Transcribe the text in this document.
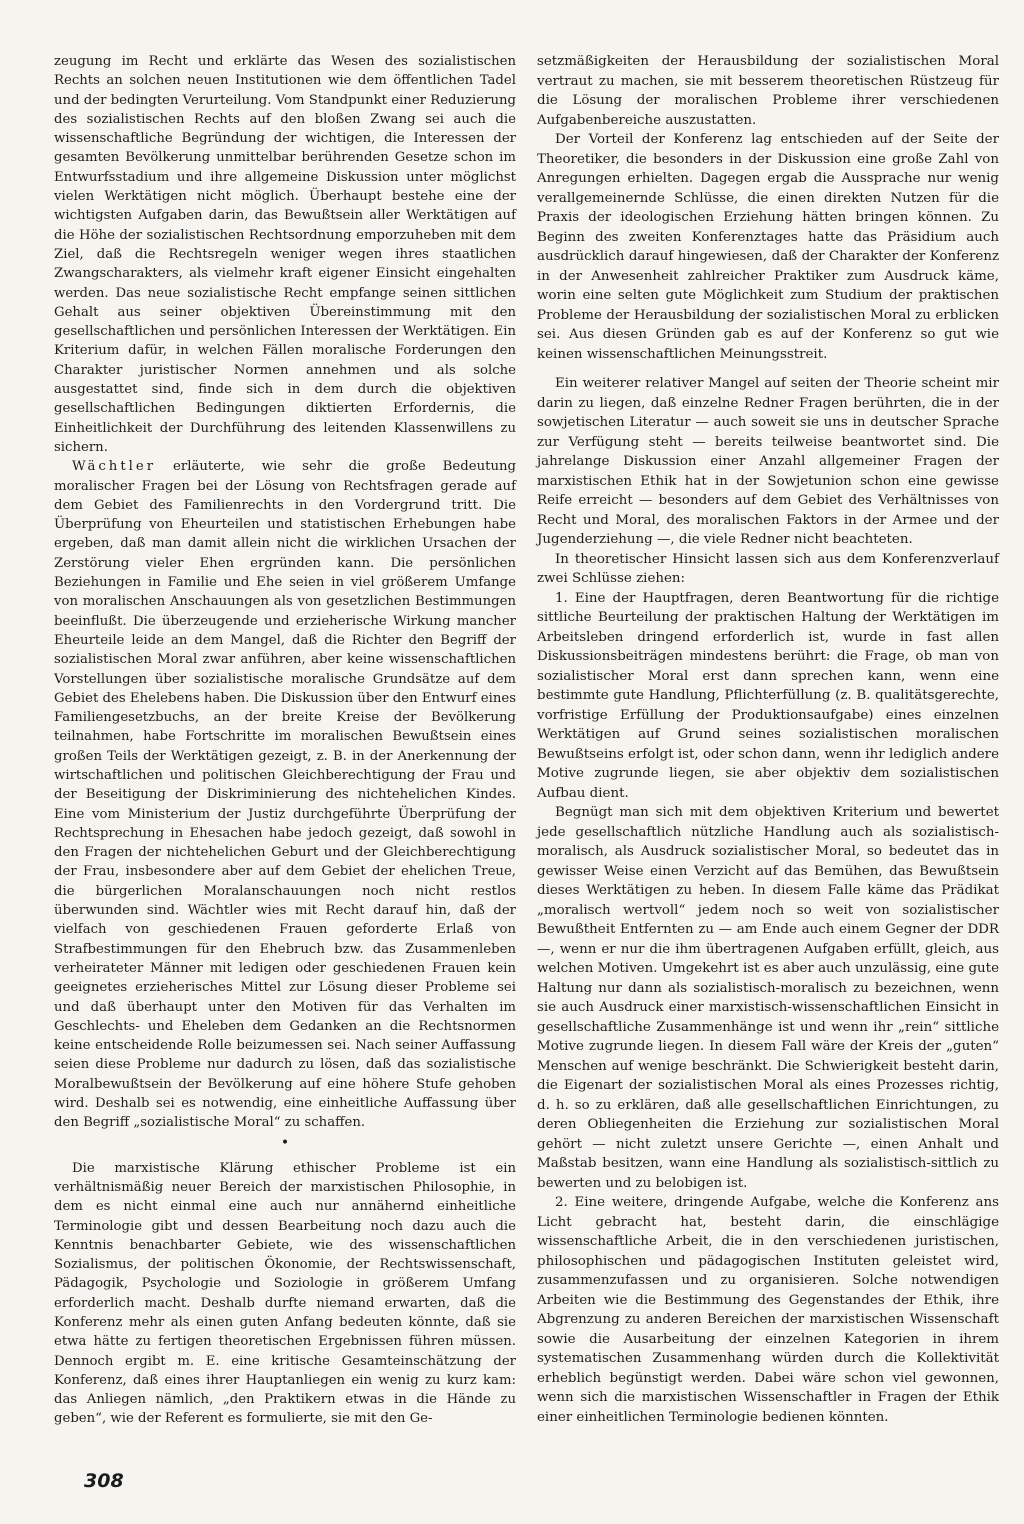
zeugung im Recht und erklärte das Wesen des sozialistischen Rechts an solchen neuen Institutionen wie dem öffentlichen Tadel und der bedingten Verurteilung. Vom Standpunkt einer Reduzierung des sozialistischen Rechts auf den bloßen Zwang sei auch die wissenschaftliche Begründung der wichtigen, die Interessen der gesamten Bevölkerung unmittelbar berührenden Gesetze schon im Entwurfsstadium und ihre allgemeine Diskussion unter möglichst vielen Werktätigen nicht möglich. Überhaupt bestehe eine der wichtigsten Aufgaben darin, das Bewußtsein aller Werktätigen auf die Höhe der sozialistischen Rechtsordnung emporzuheben mit dem Ziel, daß die Rechtsregeln weniger wegen ihres staatlichen Zwangscharakters, als vielmehr kraft eigener Einsicht eingehalten werden. Das neue sozialistische Recht empfange seinen sittlichen Gehalt aus seiner objektiven Übereinstimmung mit den gesellschaftlichen und persönlichen Interessen der Werktätigen. Ein Kriterium dafür, in welchen Fällen moralische Forderungen den Charakter juristischer Normen annehmen und als solche ausgestattet sind, finde sich in dem durch die objektiven gesellschaftlichen Bedingungen diktierten Erfordernis, die Einheitlichkeit der Durchführung des leitenden Klassenwillens zu sichern.

Wächtler erläuterte, wie sehr die große Bedeutung moralischer Fragen bei der Lösung von Rechtsfragen gerade auf dem Gebiet des Familienrechts in den Vordergrund tritt. Die Überprüfung von Eheurteilen und statistischen Erhebungen habe ergeben, daß man damit allein nicht die wirklichen Ursachen der Zerstörung vieler Ehen ergründen kann. Die persönlichen Beziehungen in Familie und Ehe seien in viel größerem Umfange von moralischen Anschauungen als von gesetzlichen Bestimmungen beeinflußt. Die überzeugende und erzieherische Wirkung mancher Eheurteile leide an dem Mangel, daß die Richter den Begriff der sozialistischen Moral zwar anführen, aber keine wissenschaftlichen Vorstellungen über sozialistische moralische Grundsätze auf dem Gebiet des Ehelebens haben. Die Diskussion über den Entwurf eines Familiengesetzbuchs, an der breite Kreise der Bevölkerung teilnahmen, habe Fortschritte im moralischen Bewußtsein eines großen Teils der Werktätigen gezeigt, z. B. in der Anerkennung der wirtschaftlichen und politischen Gleichberechtigung der Frau und der Beseitigung der Diskriminierung des nichtehelichen Kindes. Eine vom Ministerium der Justiz durchgeführte Überprüfung der Rechtsprechung in Ehesachen habe jedoch gezeigt, daß sowohl in den Fragen der nichtehelichen Geburt und der Gleichberechtigung der Frau, insbesondere aber auf dem Gebiet der ehelichen Treue, die bürgerlichen Moralanschauungen noch nicht restlos überwunden sind. Wächtler wies mit Recht darauf hin, daß der vielfach von geschiedenen Frauen geforderte Erlaß von Strafbestimmungen für den Ehebruch bzw. das Zusammenleben verheirateter Männer mit ledigen oder geschiedenen Frauen kein geeignetes erzieherisches Mittel zur Lösung dieser Probleme sei und daß überhaupt unter den Motiven für das Verhalten im Geschlechts- und Eheleben dem Gedanken an die Rechtsnormen keine entscheidende Rolle beizumessen sei. Nach seiner Auffassung seien diese Probleme nur dadurch zu lösen, daß das sozialistische Moralbewußtsein der Bevölkerung auf eine höhere Stufe gehoben wird. Deshalb sei es notwendig, eine einheitliche Auffassung über den Begriff „sozialistische Moral“ zu schaffen.

•

Die marxistische Klärung ethischer Probleme ist ein verhältnismäßig neuer Bereich der marxistischen Philosophie, in dem es nicht einmal eine auch nur annähernd einheitliche Terminologie gibt und dessen Bearbeitung noch dazu auch die Kenntnis benachbarter Gebiete, wie des wissenschaftlichen Sozialismus, der politischen Ökonomie, der Rechtswissenschaft, Pädagogik, Psychologie und Soziologie in größerem Umfang erforderlich macht. Deshalb durfte niemand erwarten, daß die Konferenz mehr als einen guten Anfang bedeuten könnte, daß sie etwa hätte zu fertigen theoretischen Ergebnissen führen müssen. Dennoch ergibt m. E. eine kritische Gesamteinschätzung der Konferenz, daß eines ihrer Hauptanliegen ein wenig zu kurz kam: das Anliegen nämlich, „den Praktikern etwas in die Hände zu geben“, wie der Referent es formulierte, sie mit den Ge-

setzmäßigkeiten der Herausbildung der sozialistischen Moral vertraut zu machen, sie mit besserem theoretischen Rüstzeug für die Lösung der moralischen Probleme ihrer verschiedenen Aufgabenbereiche auszustatten.

Der Vorteil der Konferenz lag entschieden auf der Seite der Theoretiker, die besonders in der Diskussion eine große Zahl von Anregungen erhielten. Dagegen ergab die Aussprache nur wenig verallgemeinernde Schlüsse, die einen direkten Nutzen für die Praxis der ideologischen Erziehung hätten bringen können. Zu Beginn des zweiten Konferenztages hatte das Präsidium auch ausdrücklich darauf hingewiesen, daß der Charakter der Konferenz in der Anwesenheit zahlreicher Praktiker zum Ausdruck käme, worin eine selten gute Möglichkeit zum Studium der praktischen Probleme der Herausbildung der sozialistischen Moral zu erblicken sei. Aus diesen Gründen gab es auf der Konferenz so gut wie keinen wissenschaftlichen Meinungsstreit.

Ein weiterer relativer Mangel auf seiten der Theorie scheint mir darin zu liegen, daß einzelne Redner Fragen berührten, die in der sowjetischen Literatur — auch soweit sie uns in deutscher Sprache zur Verfügung steht — bereits teilweise beantwortet sind. Die jahrelange Diskussion einer Anzahl allgemeiner Fragen der marxistischen Ethik hat in der Sowjetunion schon eine gewisse Reife erreicht — besonders auf dem Gebiet des Verhältnisses von Recht und Moral, des moralischen Faktors in der Armee und der Jugenderziehung —, die viele Redner nicht beachteten.

In theoretischer Hinsicht lassen sich aus dem Konferenzverlauf zwei Schlüsse ziehen:

1. Eine der Hauptfragen, deren Beantwortung für die richtige sittliche Beurteilung der praktischen Haltung der Werktätigen im Arbeitsleben dringend erforderlich ist, wurde in fast allen Diskussionsbeiträgen mindestens berührt: die Frage, ob man von sozialistischer Moral erst dann sprechen kann, wenn eine bestimmte gute Handlung, Pflichterfüllung (z. B. qualitätsgerechte, vorfristige Erfüllung der Produktionsaufgabe) eines einzelnen Werktätigen auf Grund seines sozialistischen moralischen Bewußtseins erfolgt ist, oder schon dann, wenn ihr lediglich andere Motive zugrunde liegen, sie aber objektiv dem sozialistischen Aufbau dient.

Begnügt man sich mit dem objektiven Kriterium und bewertet jede gesellschaftlich nützliche Handlung auch als sozialistisch-moralisch, als Ausdruck sozialistischer Moral, so bedeutet das in gewisser Weise einen Verzicht auf das Bemühen, das Bewußtsein dieses Werktätigen zu heben. In diesem Falle käme das Prädikat „moralisch wertvoll“ jedem noch so weit von sozialistischer Bewußtheit Entfernten zu — am Ende auch einem Gegner der DDR —, wenn er nur die ihm übertragenen Aufgaben erfüllt, gleich, aus welchen Motiven. Umgekehrt ist es aber auch unzulässig, eine gute Haltung nur dann als sozialistisch-moralisch zu bezeichnen, wenn sie auch Ausdruck einer marxistisch-wissenschaftlichen Einsicht in gesellschaftliche Zusammenhänge ist und wenn ihr „rein“ sittliche Motive zugrunde liegen. In diesem Fall wäre der Kreis der „guten“ Menschen auf wenige beschränkt. Die Schwierigkeit besteht darin, die Eigenart der sozialistischen Moral als eines Prozesses richtig, d. h. so zu erklären, daß alle gesellschaftlichen Einrichtungen, zu deren Obliegenheiten die Erziehung zur sozialistischen Moral gehört — nicht zuletzt unsere Gerichte —, einen Anhalt und Maßstab besitzen, wann eine Handlung als sozialistisch-sittlich zu bewerten und zu belobigen ist.

2. Eine weitere, dringende Aufgabe, welche die Konferenz ans Licht gebracht hat, besteht darin, die einschlägige wissenschaftliche Arbeit, die in den verschiedenen juristischen, philosophischen und pädagogischen Instituten geleistet wird, zusammenzufassen und zu organisieren. Solche notwendigen Arbeiten wie die Bestimmung des Gegenstandes der Ethik, ihre Abgrenzung zu anderen Bereichen der marxistischen Wissenschaft sowie die Ausarbeitung der einzelnen Kategorien in ihrem systematischen Zusammenhang würden durch die Kollektivität erheblich begünstigt werden. Dabei wäre schon viel gewonnen, wenn sich die marxistischen Wissenschaftler in Fragen der Ethik einer einheitlichen Terminologie bedienen könnten.

308
